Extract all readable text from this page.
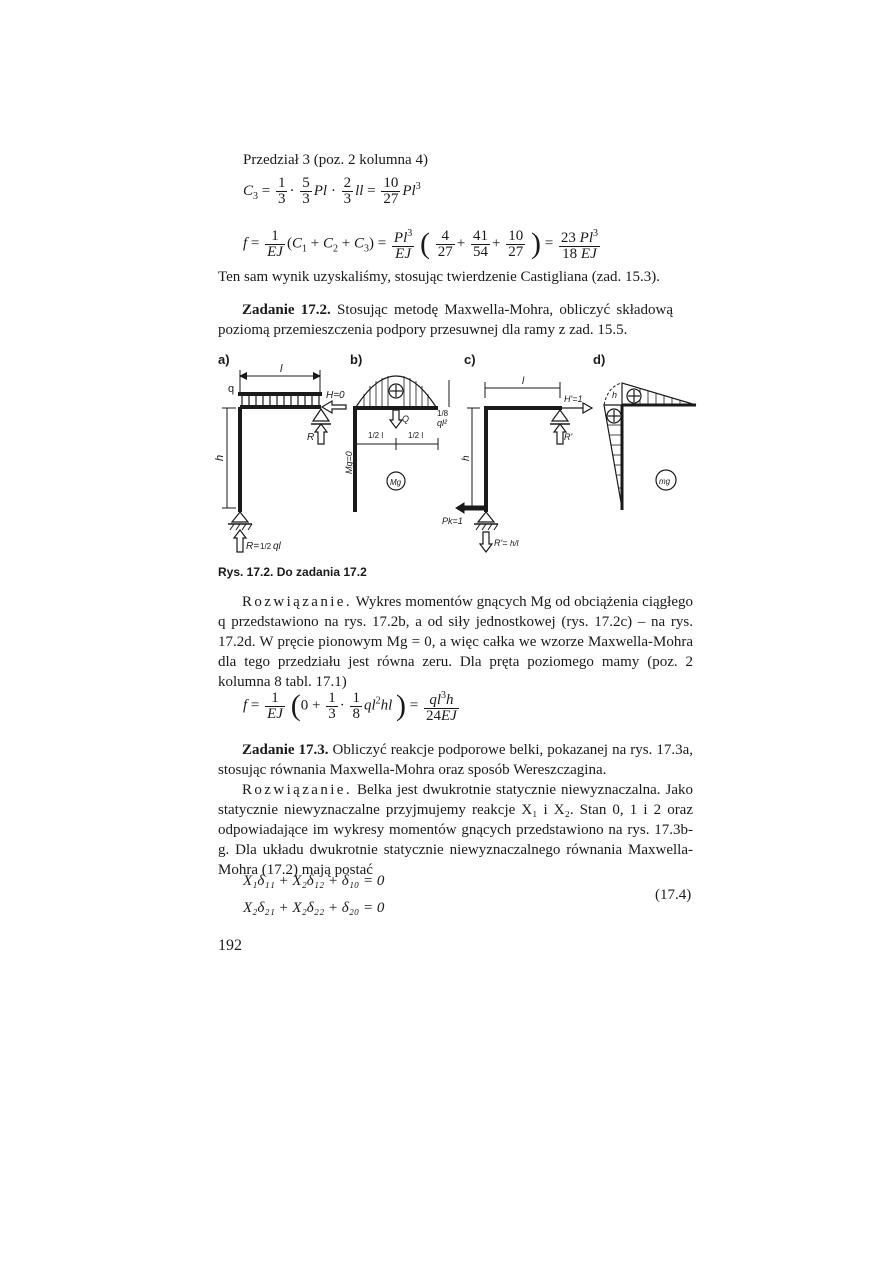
Przedział 3 (poz. 2 kolumna 4)
$C_3 = \frac{1}{3} \cdot \frac{5}{3}$ $Pl \cdot \frac{2}{3}$ ll = $\frac{10}{27} Pl^3$
$f = \frac{1}{EJ} (C_1 + C_2 + C_3) = \frac{Pl^3}{EJ}$ ( $\frac{4}{27} + \frac{41}{54} + \frac{10}{27}$ ) = $\frac{23 Pl^3}{18 EJ}$
Ten sam wynik uzyskaliśmy, stosując twierdzenie Castigliana (zad. 15.3).
Zadanie 17.2. Stosując metodę Maxwella-Mohra, obliczyć składową poziomą przemieszczenia podpory przesuwnej dla ramy z zad. 15.5.
a)	b)	c)	d)
q
l
H=0
R
h
R= 1/2 ql
Q
1/8
ql²
1/2 l	1/2 l
Mg=0
Mg
l
H'=1
R'
h
Pk=1
R'= h/l
h
mg
Rys. 17.2. Do zadania 17.2
Rozwiązanie. Wykres momentów gnących Mg od obciążenia ciągłego q przedstawiono na rys. 17.2b, a od siły jednostkowej (rys. 17.2c) – na rys. 17.2d. W pręcie pionowym Mg = 0, a więc całka we wzorze Maxwella-Mohra dla tego przedziału jest równa zeru. Dla pręta poziomego mamy (poz. 2 kolumna 8 tabl. 17.1)
$f = \frac{1}{EJ} (0 + \frac{1}{3} \cdot \frac{1}{8} ql^2hl$ ) = $\frac{ql^3h}{24EJ}$
Zadanie 17.3. Obliczyć reakcje podporowe belki, pokazanej na rys. 17.3a, stosując równania Maxwella-Mohra oraz sposób Wereszczagina.
Rozwiązanie. Belka jest dwukrotnie statycznie niewyznaczalna. Jako statycznie niewyznaczalne przyjmujemy reakcje X₁ i X₂. Stan 0, 1 i 2 oraz odpowiadające im wykresy momentów gnących przedstawiono na rys. 17.3b-g. Dla układu dwukrotnie statycznie niewyznaczalnego równania Maxwella-Mohra (17.2) mają postać
X₁δ₁₁ + X₂δ₁₂ + δ₁₀ = 0
X₂δ₂₁ + X₂δ₂₂ + δ₂₀ = 0
(17.4)
192
